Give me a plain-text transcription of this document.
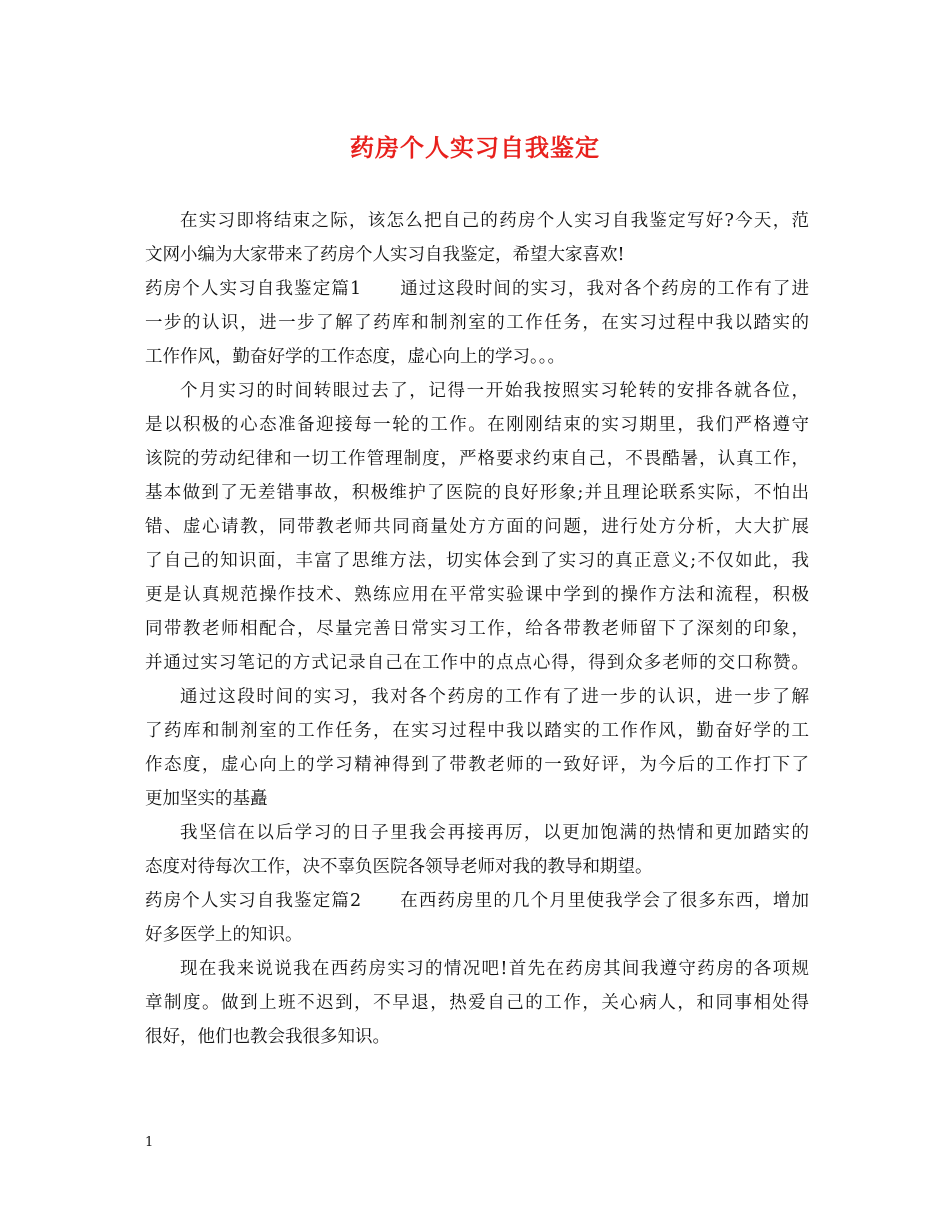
药房个人实习自我鉴定
在实习即将结束之际，该怎么把自己的药房个人实习自我鉴定写好?今天，范
文网小编为大家带来了药房个人实习自我鉴定，希望大家喜欢!
药房个人实习自我鉴定篇1 通过这段时间的实习，我对各个药房的工作有了进
一步的认识，进一步了解了药库和制剂室的工作任务，在实习过程中我以踏实的
工作作风，勤奋好学的工作态度，虚心向上的学习。。。
个月实习的时间转眼过去了，记得一开始我按照实习轮转的安排各就各位，
是以积极的心态准备迎接每一轮的工作。在刚刚结束的实习期里，我们严格遵守
该院的劳动纪律和一切工作管理制度，严格要求约束自己，不畏酷暑，认真工作，
基本做到了无差错事故，积极维护了医院的良好形象;并且理论联系实际，不怕出
错、虚心请教，同带教老师共同商量处方方面的问题，进行处方分析，大大扩展
了自己的知识面，丰富了思维方法，切实体会到了实习的真正意义;不仅如此，我
更是认真规范操作技术、熟练应用在平常实验课中学到的操作方法和流程，积极
同带教老师相配合，尽量完善日常实习工作，给各带教老师留下了深刻的印象，
并通过实习笔记的方式记录自己在工作中的点点心得，得到众多老师的交口称赞。
通过这段时间的实习，我对各个药房的工作有了进一步的认识，进一步了解
了药库和制剂室的工作任务，在实习过程中我以踏实的工作作风，勤奋好学的工
作态度，虚心向上的学习精神得到了带教老师的一致好评，为今后的工作打下了
更加坚实的基矗
我坚信在以后学习的日子里我会再接再厉，以更加饱满的热情和更加踏实的
态度对待每次工作，决不辜负医院各领导老师对我的教导和期望。
药房个人实习自我鉴定篇2 在西药房里的几个月里使我学会了很多东西，增加
好多医学上的知识。
现在我来说说我在西药房实习的情况吧!首先在药房其间我遵守药房的各项规
章制度。做到上班不迟到，不早退，热爱自己的工作，关心病人，和同事相处得
很好，他们也教会我很多知识。
1
